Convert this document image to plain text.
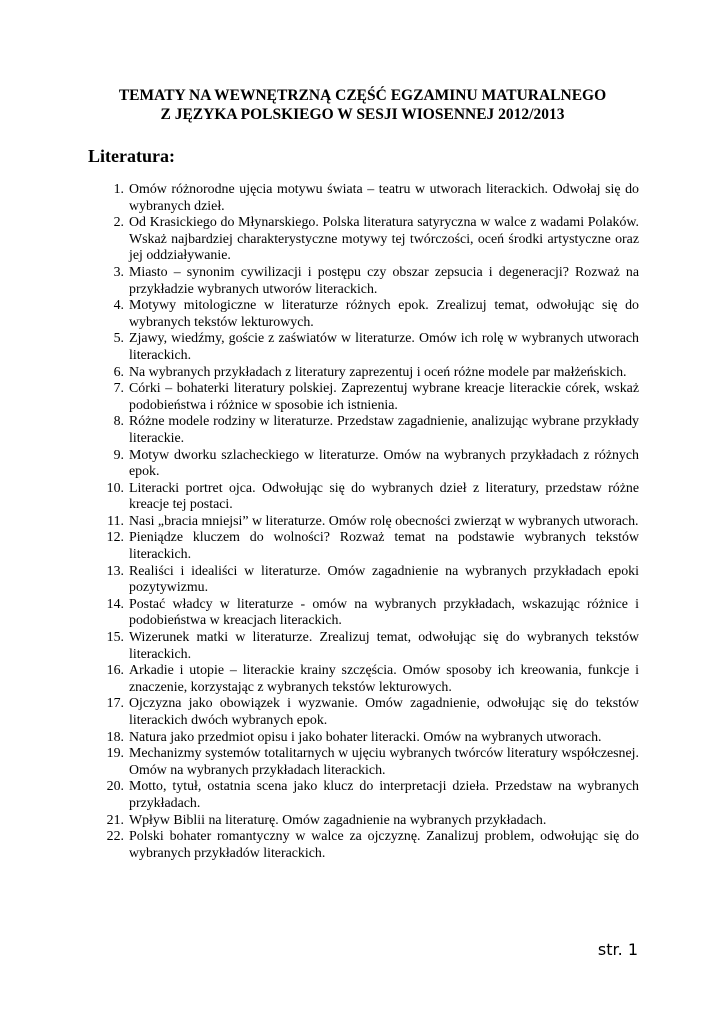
TEMATY NA WEWNĘTRZNĄ CZĘŚĆ EGZAMINU MATURALNEGO
Z JĘZYKA POLSKIEGO W SESJI WIOSENNEJ 2012/2013
Literatura:
1. Omów różnorodne ujęcia motywu świata – teatru w utworach literackich. Odwołaj się do wybranych dzieł.
2. Od Krasickiego do Młynarskiego. Polska literatura satyryczna w walce z wadami Polaków. Wskaż najbardziej charakterystyczne motywy tej twórczości, oceń środki artystyczne oraz jej oddziaływanie.
3. Miasto – synonim cywilizacji i postępu czy obszar zepsucia i degeneracji? Rozważ na przykładzie wybranych utworów literackich.
4. Motywy mitologiczne w literaturze różnych epok. Zrealizuj temat, odwołując się do wybranych tekstów lekturowych.
5. Zjawy, wiedźmy, goście z zaświatów w literaturze. Omów ich rolę w wybranych utworach literackich.
6. Na wybranych przykładach z literatury zaprezentuj i oceń różne modele par małżeńskich.
7. Córki – bohaterki literatury polskiej. Zaprezentuj wybrane kreacje literackie córek, wskaż podobieństwa i różnice w sposobie ich istnienia.
8. Różne modele rodziny w literaturze. Przedstaw zagadnienie, analizując wybrane przykłady literackie.
9. Motyw dworku szlacheckiego w literaturze. Omów na wybranych przykładach z różnych epok.
10. Literacki portret ojca. Odwołując się do wybranych dzieł z literatury, przedstaw różne kreacje tej postaci.
11. Nasi „bracia mniejsi” w literaturze. Omów rolę obecności zwierząt w wybranych utworach.
12. Pieniądze kluczem do wolności? Rozważ temat na podstawie wybranych tekstów literackich.
13. Realiści i idealiści w literaturze. Omów zagadnienie na wybranych przykładach epoki pozytywizmu.
14. Postać władcy w literaturze - omów na wybranych przykładach, wskazując różnice i podobieństwa w kreacjach literackich.
15. Wizerunek matki w literaturze. Zrealizuj temat, odwołując się do wybranych tekstów literackich.
16. Arkadie i utopie – literackie krainy szczęścia. Omów sposoby ich kreowania, funkcje i znaczenie, korzystając z wybranych tekstów lekturowych.
17. Ojczyzna jako obowiązek i wyzwanie. Omów zagadnienie, odwołując się do tekstów literackich dwóch wybranych epok.
18. Natura jako przedmiot opisu i jako bohater literacki. Omów na wybranych utworach.
19. Mechanizmy systemów totalitarnych w ujęciu wybranych twórców literatury współczesnej. Omów na wybranych przykładach literackich.
20. Motto, tytuł, ostatnia scena jako klucz do interpretacji dzieła. Przedstaw na wybranych przykładach.
21. Wpływ Biblii na literaturę. Omów zagadnienie na wybranych przykładach.
22. Polski bohater romantyczny w walce za ojczyznę. Zanalizuj problem, odwołując się do wybranych przykładów literackich.
str. 1
